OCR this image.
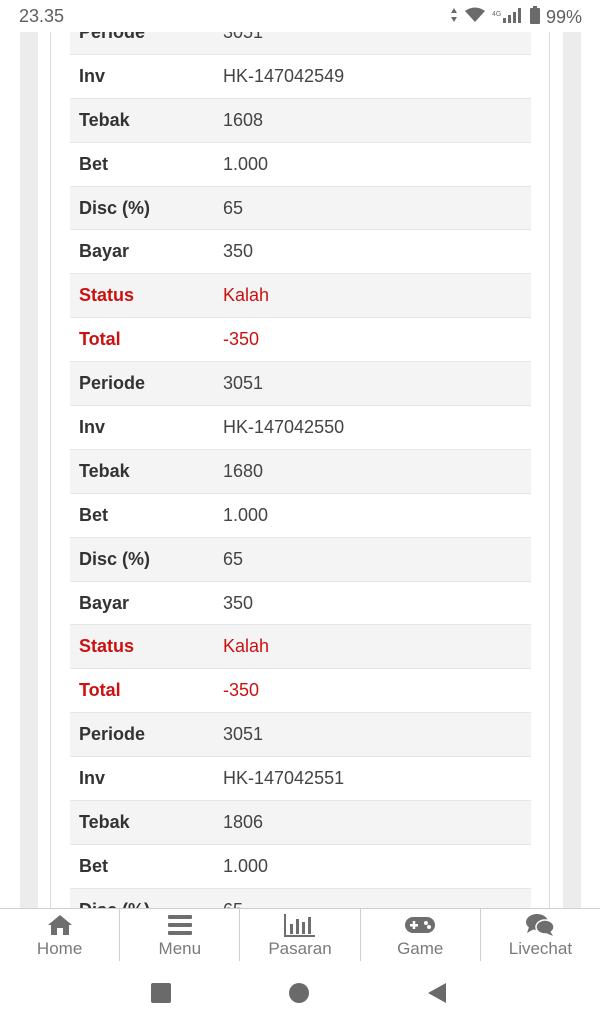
23.35	4G 99%
Inv	HK-147042549
Tebak	1608
Bet	1.000
Disc (%)	65
Bayar	350
Status	Kalah
Total	-350
Periode	3051
Inv	HK-147042550
Tebak	1680
Bet	1.000
Disc (%)	65
Bayar	350
Status	Kalah
Total	-350
Periode	3051
Inv	HK-147042551
Tebak	1806
Bet	1.000
Home	Menu	Pasaran	Game	Livechat
